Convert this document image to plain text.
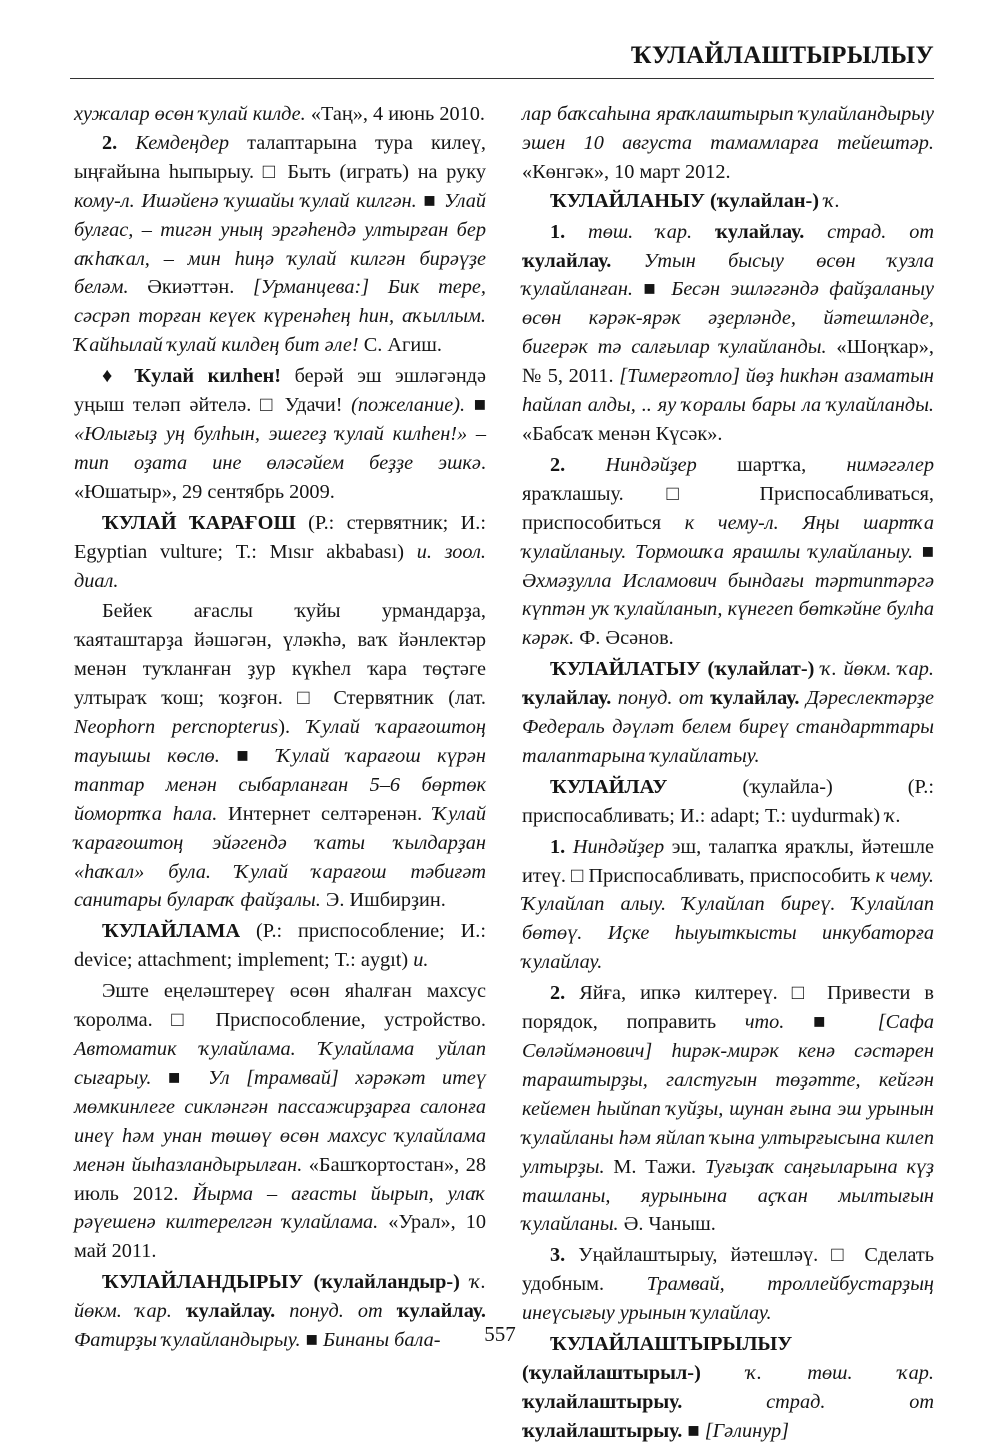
ҠУЛАЙЛАШТЫРЫЛЫУ

хужалар өсөн ҡулай килде. «Таң», 4 июнь 2010.

2. Кемдеңдер талаптарына тура килеү, ыңғайына һыпырыу. □ Быть (играть) на руку кому-л. Ишәйенә ҡушайы ҡулай килгән. ■ Улай булғас, – тигән уның эргәһендә ултырған бер аҡһаҡал, – мин һиңә ҡулай килгән бирәүҙе беләм. Әкиәттән. [Урманцева:] Бик тере, сәсрәп торған кеүек күренәһең һин, аҡыллым. Ҡайһылай ҡулай килдең бит әле! С. Агиш.

♦ Ҡулай килһен! берәй эш эшләгәндә уңыш теләп әйтелә. □ Удачи! (пожелание). ■ «Юлығыҙ уң булһын, эшегеҙ ҡулай килһен!» – тип оҙата ине өләсәйем беҙҙе эшкә. «Юшатыр», 29 сентябрь 2009.

ҠУЛАЙ ҠАРАҒОШ (Р.: стервятник; И.: Egyptian vulture; Т.: Mısır akbabası) и. зоол. диал.

Бейек ағаслы ҡуйы урмандарҙа, ҡаяташтарҙа йәшәгән, үләкһә, ваҡ йәнлектәр менән туҡланған ҙур күкһел ҡара төҫтәге ултыраҡ ҡош; ҡоҙғон. □ Стервятник (лат. Neophorn percnopterus). Ҡулай ҡарағоштоң тауышы көслө. ■ Ҡулай ҡарағош күрән таптар менән сыбарланған 5–6 бөртөк йомортҡа һала. Интернет селтәренән. Ҡулай ҡарағоштоң эйәгендә ҡаты ҡылдарҙан «һаҡал» була. Ҡулай ҡарағош тәбиғәт санитары булараҡ файҙалы. Э. Ишбирҙин.

ҠУЛАЙЛАМА (Р.: приспособление; И.: device; attachment; implement; Т.: aygıt) и.

Эште еңеләштереү өсөн яһалған махсус ҡоролма. □ Приспособление, устройство. Автоматик ҡулайлама. Ҡулайлама уйлап сығарыу. ■ Ул [трамвай] хәрәкәт итеү мөмкинлеге сикләнгән пассажирҙарға салонға инеү һәм унан төшөү өсөн махсус ҡулайлама менән йыһазландырылған. «Башҡортостан», 28 июль 2012. Йырма – ағасты йырып, улаҡ рәүешенә килтерелгән ҡулайлама. «Урал», 10 май 2011.

ҠУЛАЙЛАНДЫРЫУ (ҡулайландыр-) ҡ. йөкм. ҡар. ҡулайлау. понуд. от ҡулайлау. Фатирҙы ҡулайландырыу. ■ Бинаны бала-

лар баҡсаһына яраҡлаштырып ҡулайландырыу эшен 10 августа тамамларға тейештәр. «Көнгәк», 10 март 2012.

ҠУЛАЙЛАНЫУ (ҡулайлан-) ҡ.

1. төш. ҡар. ҡулайлау. страд. от ҡулайлау. Утын бысыу өсөн ҡузла ҡулайланған. ■ Бесән эшләгәндә файҙаланыу өсөн кәрәк-ярәк әҙерләнде, йәтешләнде, бигерәк тә салғылар ҡулайланды. «Шоңҡар», № 5, 2011. [Тимерғотло] йөҙ һикһән азаматын һайлап алды, .. яу ҡоралы бары ла ҡулайланды. «Бабсаҡ менән Күсәк».

2. Ниндәйҙер шартҡа, нимәгәлер яраҡлашыу. □ Приспосабливаться, приспособиться к чему-л. Яңы шартҡа ҡулайланыу. Тормошҡа ярашлы ҡулайланыу. ■ Әхмәҙулла Исламович бындағы тәртиптәргә күптән уҡ ҡулайланып, күнегеп бөткәйне булһа кәрәк. Ф. Әсәнов.

ҠУЛАЙЛАТЫУ (ҡулайлат-) ҡ. йөкм. ҡар. ҡулайлау. понуд. от ҡулайлау. Дәреслектәрҙе Федераль дәүләт белем биреү стандарттары талаптарына ҡулайлатыу.

ҠУЛАЙЛАУ (ҡулайла-) (Р.: приспосабливать; И.: adapt; Т.: uydurmak) ҡ.

1. Ниндәйҙер эш, талапҡа яраҡлы, йәтешле итеү. □ Приспосабливать, приспособить к чему. Ҡулайлап алыу. Ҡулайлап биреү. Ҡулайлап бөтөү. Иҫке һыуыткысты инкубаторға ҡулайлау.

2. Яйға, ипкә килтереү. □ Привести в порядок, поправить что. ■ [Сафа Сөләймәнович] һирәк-мирәк кенә сәстәрен тараштырҙы, галстугын төҙәтте, кейгән кейемен һыйпап ҡуйҙы, шунан ғына эш урынын ҡулайланы һәм яйлап ҡына ултырғысына килеп ултырҙы. М. Тажи. Туғыҙаҡ саңғыларына күҙ ташланы, яурынына аҫҡан мылтығын ҡулайланы. Ә. Чаныш.

3. Уңайлаштырыу, йәтешләү. □ Сделать удобным. Трамвай, троллейбустарҙың инеүсығыу урынын ҡулайлау.

ҠУЛАЙЛАШТЫРЫЛЫУ (ҡулайлаштырыл-) ҡ. төш. ҡар. ҡулайлаштырыу. страд. от ҡулайлаштырыу. ■ [Гәлинур]

557
